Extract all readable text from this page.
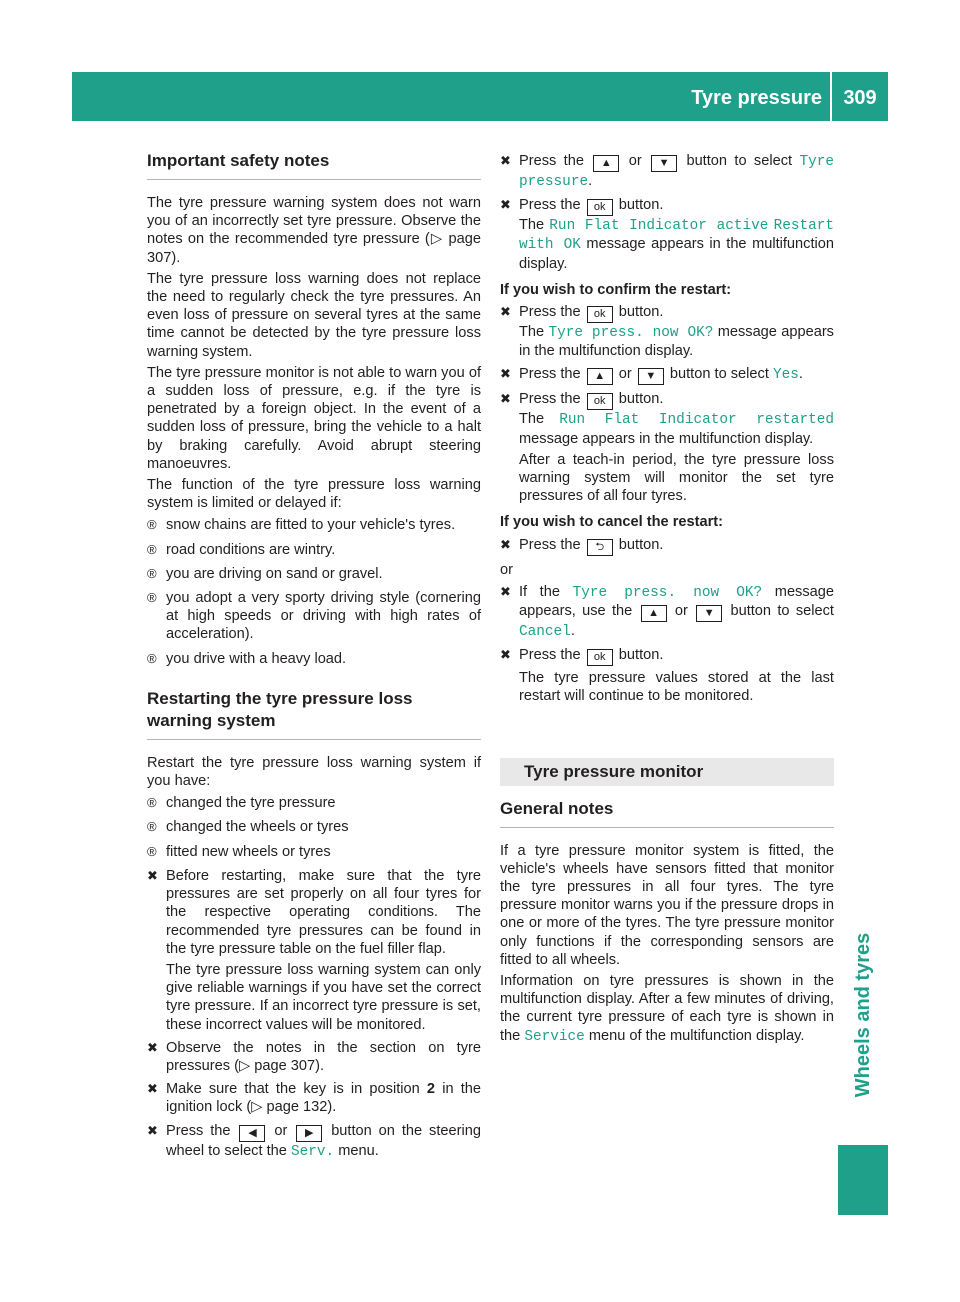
Tyre pressure 309
Wheels and tyres
Important safety notes

The tyre pressure warning system does not warn you of an incorrectly set tyre pressure. Observe the notes on the recommended tyre pressure (▷ page 307).

The tyre pressure loss warning does not replace the need to regularly check the tyre pressures. An even loss of pressure on several tyres at the same time cannot be detected by the tyre pressure loss warning system.

The tyre pressure monitor is not able to warn you of a sudden loss of pressure, e.g. if the tyre is penetrated by a foreign object. In the event of a sudden loss of pressure, bring the vehicle to a halt by braking carefully. Avoid abrupt steering manoeuvres.

The function of the tyre pressure loss warning system is limited or delayed if:

® snow chains are fitted to your vehicle's tyres.
® road conditions are wintry.
® you are driving on sand or gravel.
® you adopt a very sporty driving style (cornering at high speeds or driving with high rates of acceleration).
® you drive with a heavy load.
Restarting the tyre pressure loss warning system

Restart the tyre pressure loss warning system if you have:

® changed the tyre pressure
® changed the wheels or tyres
® fitted new wheels or tyres
✖ Before restarting, make sure that the tyre pressures are set properly on all four tyres for the respective operating conditions. The recommended tyre pressures can be found in the tyre pressure table on the fuel filler flap.
The tyre pressure loss warning system can only give reliable warnings if you have set the correct tyre pressure. If an incorrect tyre pressure is set, these incorrect values will be monitored.
✖ Observe the notes in the section on tyre pressures (▷ page 307).
✖ Make sure that the key is in position 2 in the ignition lock (▷ page 132).
✖ Press the ◀ or ▶ button on the steering wheel to select the Serv. menu.
✖ Press the ▲ or ▼ button to select Tyre pressure.
✖ Press the ok button.
The Run Flat Indicator active Restart with OK message appears in the multifunction display.
If you wish to confirm the restart:
✖ Press the ok button.
The Tyre press. now OK? message appears in the multifunction display.
✖ Press the ▲ or ▼ button to select Yes.
✖ Press the ok button.
The Run Flat Indicator restarted message appears in the multifunction display.
After a teach-in period, the tyre pressure loss warning system will monitor the set tyre pressures of all four tyres.
If you wish to cancel the restart:
✖ Press the ⮌ button.

or

✖ If the Tyre press. now OK? message appears, use the ▲ or ▼ button to select Cancel.
✖ Press the ok button.
The tyre pressure values stored at the last restart will continue to be monitored.
Tyre pressure monitor
General notes

If a tyre pressure monitor system is fitted, the vehicle's wheels have sensors fitted that monitor the tyre pressures in all four tyres. The tyre pressure monitor warns you if the pressure drops in one or more of the tyres. The tyre pressure monitor only functions if the corresponding sensors are fitted to all wheels.

Information on tyre pressures is shown in the multifunction display. After a few minutes of driving, the current tyre pressure of each tyre is shown in the Service menu of the multifunction display.
